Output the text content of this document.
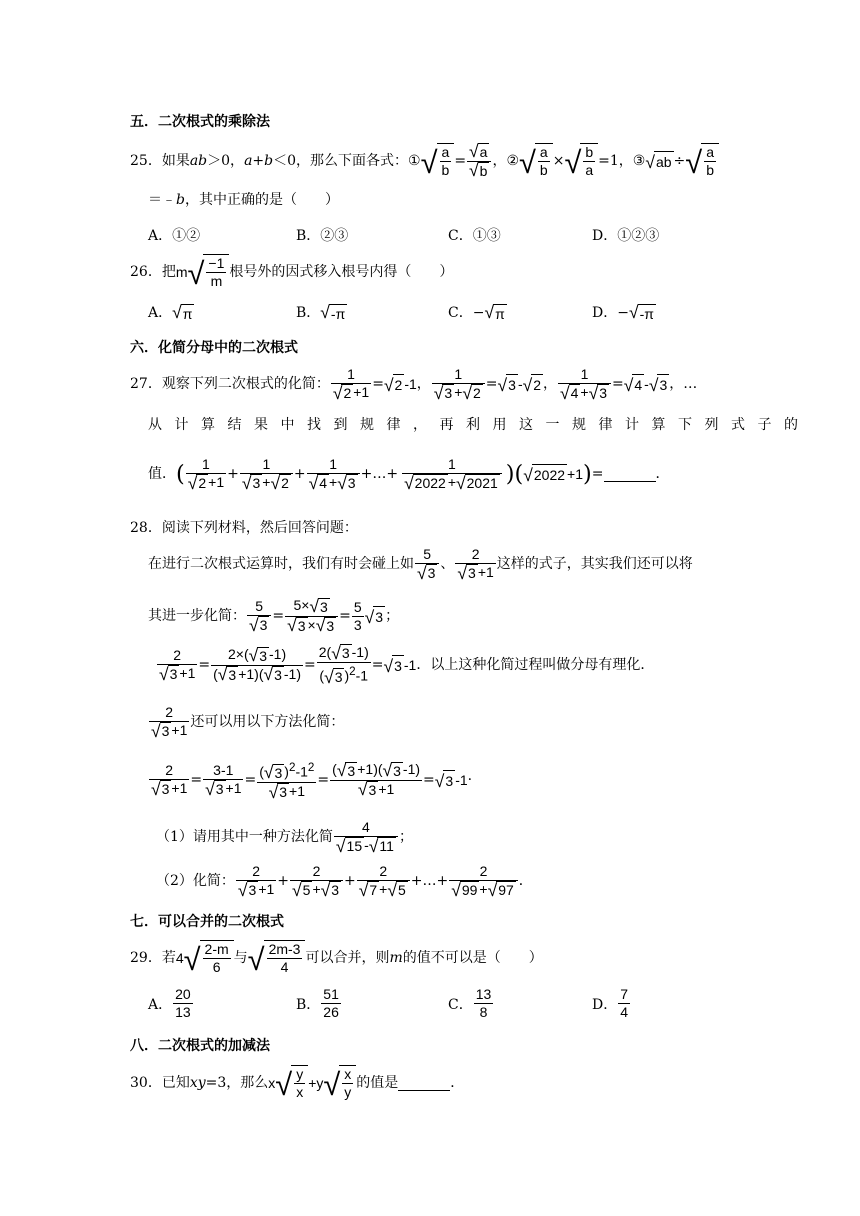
五．二次根式的乘除法
25． 如果 ab ＞0， a +b ＜0，那么下面各式： ① √ $\frac{a}{b} = \frac{√ a}{√ b}$ ， ② √ $\frac{a}{b}$ × √ $\frac{b}{a} =1$， ③ √ ab ÷ √ $\frac{a}{b}$
＝﹣b，其中正确的是（　　）
A．①②	B．②③	C．①③	D．①②③
26． 把 m √ $\frac{-1}{m}$ 根号外的因式移入根号内得（　　）
A． √ π	B． √ -π	C．− √ π	D．− √ -π
六．化简分母中的二次根式
27． 观察下列二次根式的化简： $\frac{1}{√ 2 +1}$ = √ 2 -1 ， $\frac{1}{√ 3 + √ 2}$ = √ 3 - √ 2 ， $\frac{1}{√ 4 + √ 3}$ = √ 4 - √ 3 ， …
从计算结果中找到规律，再利用这一规律计算下列式子的
值． ( $\frac{1}{√ 2 +1} + \frac{1}{√ 3 + √ 2} + \frac{1}{√ 4 + √ 3}$ +…+ $\frac{1}{√ 2022 + √ 2021}$ ) ( √ 2022 +1 ) =	．
28．阅读下列材料，然后回答问题：
在进行二次根式运算时，我们有时会碰上如 $\frac{5}{√ 3}$ 、 $\frac{2}{√ 3 +1}$ 这样的式子，其实我们还可以将
其进一步化简： $\frac{5}{√ 3} = \frac{5\times √ 3}{√ 3 \times √ 3} = \frac{5}{3}$ √ 3 ；
$\frac{2}{√ 3 +1} = \frac{2\times( √ 3 -1)}{( √ 3 +1)( √ 3 -1)} = \frac{2( √ 3 -1)}{( √ 3 )^2-1}$ = √ 3 -1 ．以上这种化简过程叫做分母有理化．
$\frac{2}{√ 3 +1}$ 还可以用以下方法化简：
$\frac{2}{√ 3 +1} = \frac{3-1}{√ 3 +1} = \frac{( √ 3 )^2-1^2}{√ 3 +1} = \frac{( √ 3 +1)( √ 3 -1)}{√ 3 +1}$ = √ 3 -1 ·
（1）请用其中一种方法化简 $\frac{4}{√ 15 - √ 11}$ ；
（2）化简： $\frac{2}{√ 3 +1} + \frac{2}{√ 5 + √ 3} + \frac{2}{√ 7 + √ 5}$ +…+ $\frac{2}{√ 99 + √ 97}$ ．
七．可以合并的二次根式
29． 若 4 √ $\frac{2-m}{6}$ 与 √ $\frac{2m-3}{4}$ 可以合并，则 m 的值不可以是（　　）
A． $\frac{20}{13}$	B． $\frac{51}{26}$	C． $\frac{13}{8}$	D． $\frac{7}{4}$
八．二次根式的加减法
30． 已知 xy =3，那么 x √ $\frac{y}{x} + y$ √ $\frac{x}{y}$ 的值是	．
